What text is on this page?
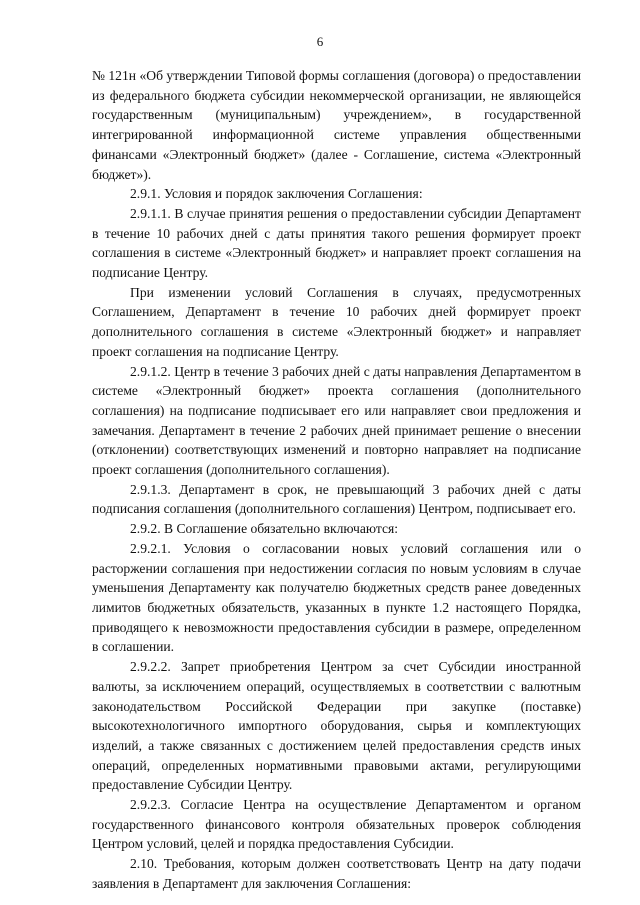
6

№ 121н «Об утверждении Типовой формы соглашения (договора) о предоставлении из федерального бюджета субсидии некоммерческой организации, не являющейся государственным (муниципальным) учреждением», в государственной интегрированной информационной системе управления общественными финансами «Электронный бюджет» (далее - Соглашение, система «Электронный бюджет»).

2.9.1. Условия и порядок заключения Соглашения:

2.9.1.1. В случае принятия решения о предоставлении субсидии Департамент в течение 10 рабочих дней с даты принятия такого решения формирует проект соглашения в системе «Электронный бюджет» и направляет проект соглашения на подписание Центру.

При изменении условий Соглашения в случаях, предусмотренных Соглашением, Департамент в течение 10 рабочих дней формирует проект дополнительного соглашения в системе «Электронный бюджет» и направляет проект соглашения на подписание Центру.

2.9.1.2. Центр в течение 3 рабочих дней с даты направления Департаментом в системе «Электронный бюджет» проекта соглашения (дополнительного соглашения) на подписание подписывает его или направляет свои предложения и замечания. Департамент в течение 2 рабочих дней принимает решение о внесении (отклонении) соответствующих изменений и повторно направляет на подписание проект соглашения (дополнительного соглашения).

2.9.1.3. Департамент в срок, не превышающий 3 рабочих дней с даты подписания соглашения (дополнительного соглашения) Центром, подписывает его.

2.9.2. В Соглашение обязательно включаются:

2.9.2.1. Условия о согласовании новых условий соглашения или о расторжении соглашения при недостижении согласия по новым условиям в случае уменьшения Департаменту как получателю бюджетных средств ранее доведенных лимитов бюджетных обязательств, указанных в пункте 1.2 настоящего Порядка, приводящего к невозможности предоставления субсидии в размере, определенном в соглашении.

2.9.2.2. Запрет приобретения Центром за счет Субсидии иностранной валюты, за исключением операций, осуществляемых в соответствии с валютным законодательством Российской Федерации при закупке (поставке) высокотехнологичного импортного оборудования, сырья и комплектующих изделий, а также связанных с достижением целей предоставления средств иных операций, определенных нормативными правовыми актами, регулирующими предоставление Субсидии Центру.

2.9.2.3. Согласие Центра на осуществление Департаментом и органом государственного финансового контроля обязательных проверок соблюдения Центром условий, целей и порядка предоставления Субсидии.

2.10. Требования, которым должен соответствовать Центр на дату подачи заявления в Департамент для заключения Соглашения:
